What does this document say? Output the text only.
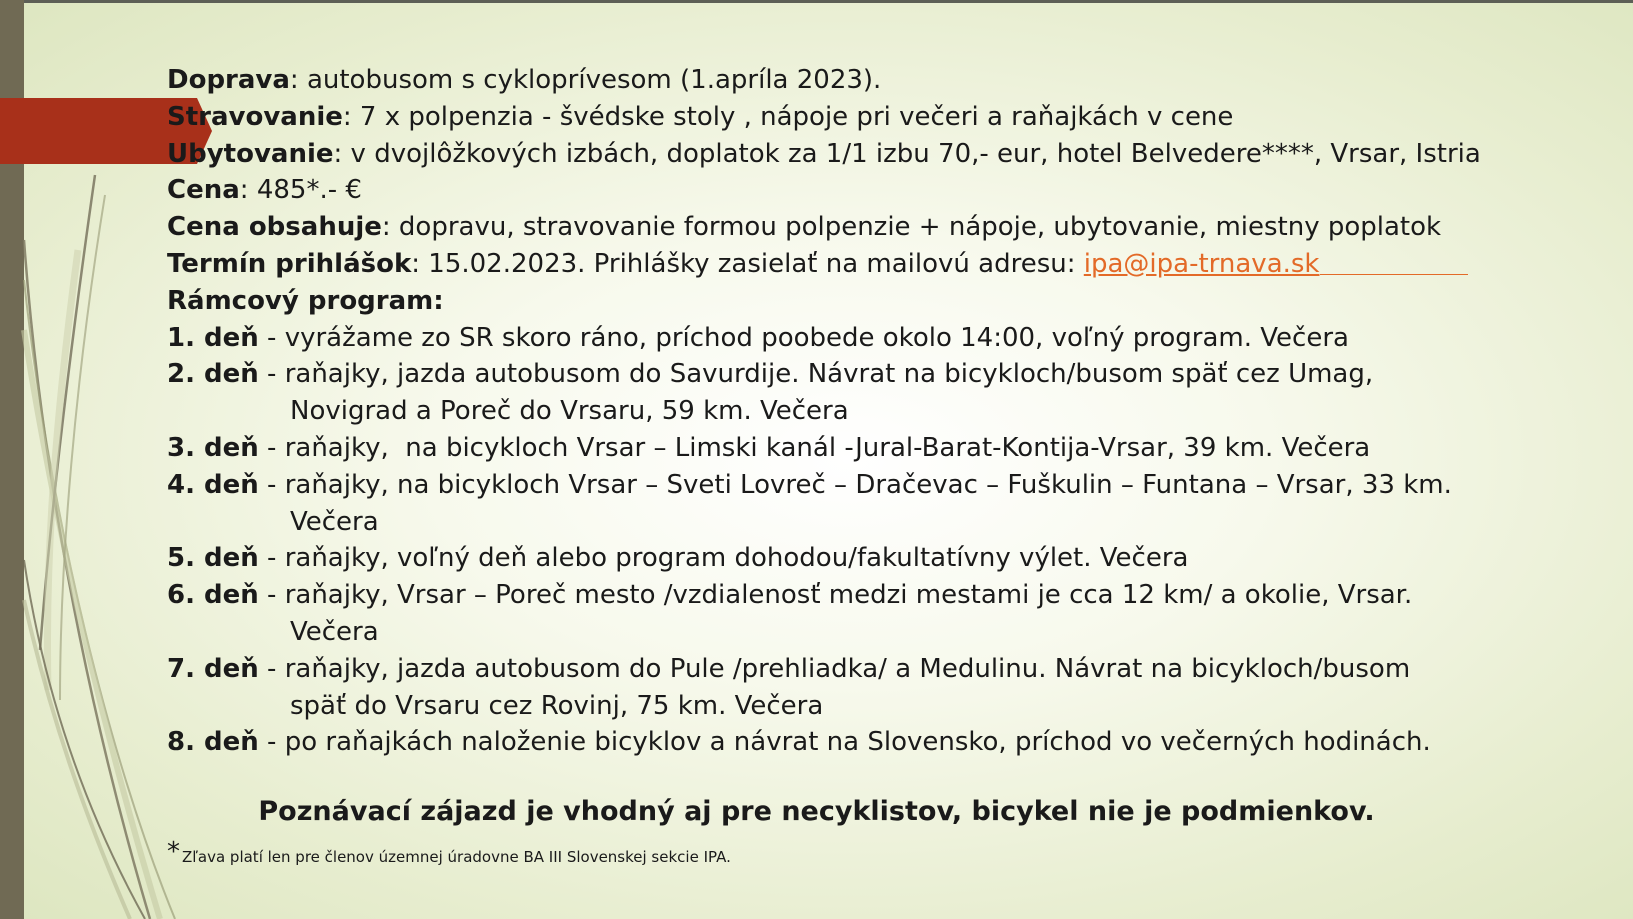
Doprava: autobusom s cykloprívesom (1.apríla 2023).
Stravovanie: 7 x polpenzia - švédske stoly , nápoje pri večeri a raňajkách v cene
Ubytovanie: v dvojlôžkových izbách, doplatok za 1/1 izbu 70,- eur, hotel Belvedere****, Vrsar, Istria
Cena: 485*.- €
Cena obsahuje: dopravu, stravovanie formou polpenzie + nápoje, ubytovanie, miestny poplatok
Termín prihlášok: 15.02.2023. Prihlášky zasielať na mailovú adresu: ipa@ipa-trnava.sk
Rámcový program:
1. deň - vyrážame zo SR skoro ráno, príchod poobede okolo 14:00, voľný program. Večera
2. deň - raňajky, jazda autobusom do Savurdije. Návrat na bicykloch/busom späť cez Umag,
Novigrad a Poreč do Vrsaru, 59 km. Večera
3. deň - raňajky,  na bicykloch Vrsar – Limski kanál -Jural-Barat-Kontija-Vrsar, 39 km. Večera
4. deň - raňajky, na bicykloch Vrsar – Sveti Lovreč – Dračevac – Fuškulin – Funtana – Vrsar, 33 km.
Večera
5. deň - raňajky, voľný deň alebo program dohodou/fakultatívny výlet. Večera
6. deň - raňajky, Vrsar – Poreč mesto /vzdialenosť medzi mestami je cca 12 km/ a okolie, Vrsar.
Večera
7. deň - raňajky, jazda autobusom do Pule /prehliadka/ a Medulinu. Návrat na bicykloch/busom
späť do Vrsaru cez Rovinj, 75 km. Večera
8. deň - po raňajkách naloženie bicyklov a návrat na Slovensko, príchod vo večerných hodinách.
Poznávací zájazd je vhodný aj pre necyklistov, bicykel nie je podmienkov.
* Zľava platí len pre členov územnej úradovne BA III Slovenskej sekcie IPA.
